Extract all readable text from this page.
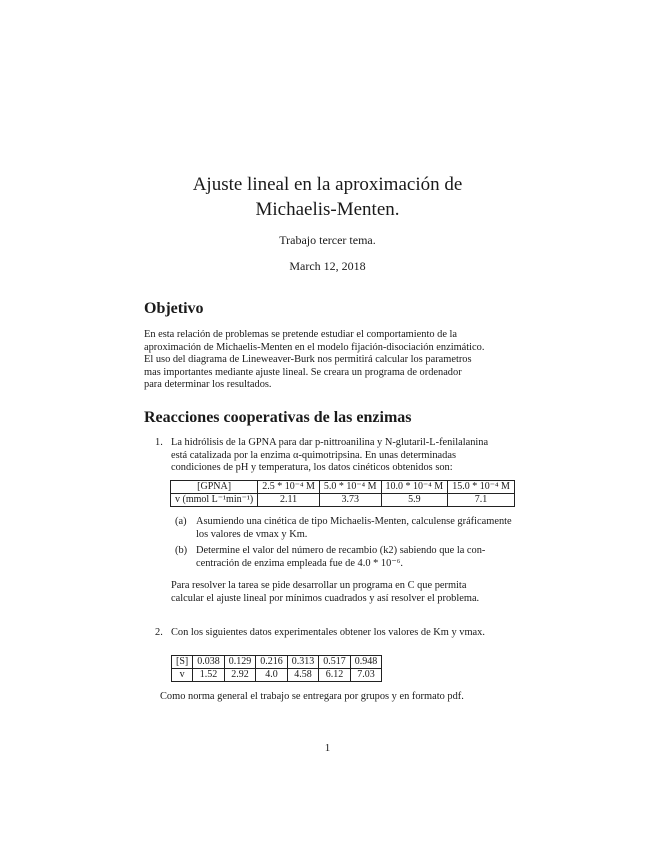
Ajuste lineal en la aproximación de
Michaelis-Menten.
Trabajo tercer tema.
March 12, 2018
Objetivo
En esta relación de problemas se pretende estudiar el comportamiento de la
aproximación de Michaelis-Menten en el modelo fijación-disociación enzimático.
El uso del diagrama de Lineweaver-Burk nos permitirá calcular los parametros
mas importantes mediante ajuste lineal. Se creara un programa de ordenador
para determinar los resultados.
Reacciones cooperativas de las enzimas
1. La hidrólisis de la GPNA para dar p-nittroanilina y N-glutaril-L-fenilalanina
está catalizada por la enzima α-quimotripsina. En unas determinadas
condiciones de pH y temperatura, los datos cinéticos obtenidos son:
[GPNA]	2.5 * 10⁻⁴ M	5.0 * 10⁻⁴ M	10.0 * 10⁻⁴ M	15.0 * 10⁻⁴ M
v (mmol L⁻¹min⁻¹)	2.11	3.73	5.9	7.1
(a) Asumiendo una cinética de tipo Michaelis-Menten, calculense gráficamente
los valores de vmax y Km.
(b) Determine el valor del número de recambio (k2) sabiendo que la con-
centración de enzima empleada fue de 4.0 * 10⁻⁶.
Para resolver la tarea se pide desarrollar un programa en C que permita
calcular el ajuste lineal por mínimos cuadrados y así resolver el problema.
2. Con los siguientes datos experimentales obtener los valores de Km y vmax.
[S]	0.038	0.129	0.216	0.313	0.517	0.948
v	1.52	2.92	4.0	4.58	6.12	7.03
Como norma general el trabajo se entregara por grupos y en formato pdf.
1
